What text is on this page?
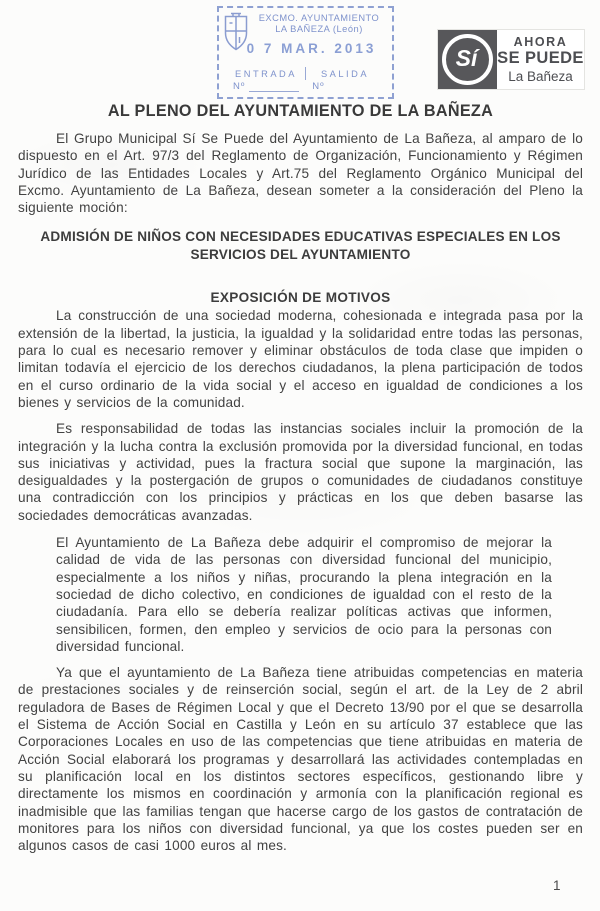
EXCMO. AYUNTAMIENTO
LA BAÑEZA (León)
0 7 MAR. 2013
ENTRADA	SALIDA
Nº	Nº
Sí
AHORA
SE PUEDE
La Bañeza
AL PLENO DEL AYUNTAMIENTO DE LA BAÑEZA

El Grupo Municipal Sí Se Puede del Ayuntamiento de La Bañeza, al amparo de lo dispuesto en el Art. 97/3 del Reglamento de Organización, Funcionamiento y Régimen Jurídico de las Entidades Locales y Art.75 del Reglamento Orgánico Municipal del Excmo. Ayuntamiento de La Bañeza, desean someter a la consideración del Pleno la siguiente moción:

ADMISIÓN DE NIÑOS CON NECESIDADES EDUCATIVAS ESPECIALES EN LOS SERVICIOS DEL AYUNTAMIENTO
EXPOSICIÓN DE MOTIVOS

La construcción de una sociedad moderna, cohesionada e integrada pasa por la extensión de la libertad, la justicia, la igualdad y la solidaridad entre todas las personas, para lo cual es necesario remover y eliminar obstáculos de toda clase que impiden o limitan todavía el ejercicio de los derechos ciudadanos, la plena participación de todos en el curso ordinario de la vida social y el acceso en igualdad de condiciones a los bienes y servicios de la comunidad.

Es responsabilidad de todas las instancias sociales incluir la promoción de la integración y la lucha contra la exclusión promovida por la diversidad funcional, en todas sus iniciativas y actividad, pues la fractura social que supone la marginación, las desigualdades y la postergación de grupos o comunidades de ciudadanos constituye una contradicción con los principios y prácticas en los que deben basarse las sociedades democráticas avanzadas.

El Ayuntamiento de La Bañeza debe adquirir el compromiso de mejorar la calidad de vida de las personas con diversidad funcional del municipio, especialmente a los niños y niñas, procurando la plena integración en la sociedad de dicho colectivo, en condiciones de igualdad con el resto de la ciudadanía. Para ello se debería realizar políticas activas que informen, sensibilicen, formen, den empleo y servicios de ocio para la personas con diversidad funcional.

Ya que el ayuntamiento de La Bañeza tiene atribuidas competencias en materia de prestaciones sociales y de reinserción social, según el art. de la Ley de 2 abril reguladora de Bases de Régimen Local y que el Decreto 13/90 por el que se desarrolla el Sistema de Acción Social en Castilla y León en su artículo 37 establece que las Corporaciones Locales en uso de las competencias que tiene atribuidas en materia de Acción Social elaborará los programas y desarrollará las actividades contempladas en su planificación local en los distintos sectores específicos, gestionando libre y directamente los mismos en coordinación y armonía con la planificación regional es inadmisible que las familias tengan que hacerse cargo de los gastos de contratación de monitores para los niños con diversidad funcional, ya que los costes pueden ser en algunos casos de casi 1000 euros al mes.

1
